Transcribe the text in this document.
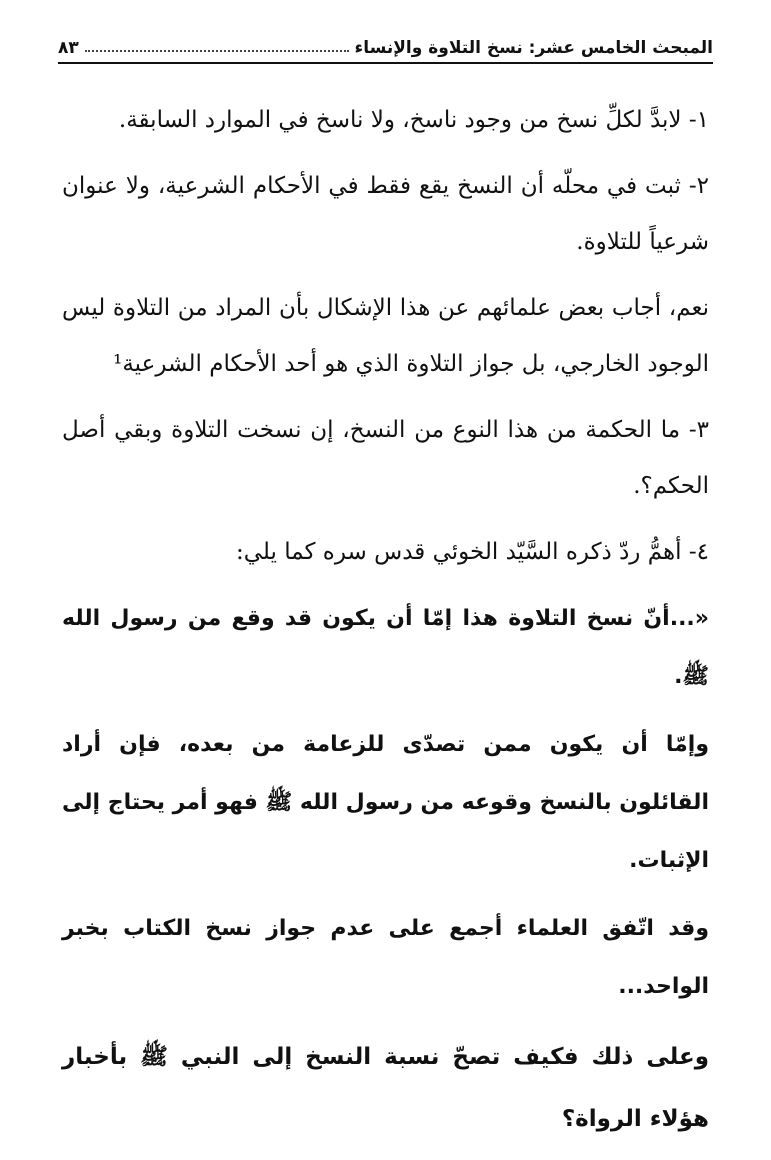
المبحث الخامس عشر: نسخ التلاوة والإنساء
٨٣

١- لابدَّ لكلِّ نسخ من وجود ناسخ، ولا ناسخ في الموارد السابقة.

٢- ثبت في محلّه أن النسخ يقع فقط في الأحكام الشرعية، ولا عنوان شرعياً للتلاوة.

نعم، أجاب بعض علمائهم عن هذا الإشكال بأن المراد من التلاوة ليس الوجود الخارجي، بل جواز التلاوة الذي هو أحد الأحكام الشرعية¹

٣- ما الحكمة من هذا النوع من النسخ، إن نسخت التلاوة وبقي أصل الحكم؟.

٤- أهمُّ ردّ ذكره السَّيّد الخوئي قدس سره كما يلي:

«...أنّ نسخ التلاوة هذا إمّا أن يكون قد وقع من رسول الله ﷺ.

وإمّا أن يكون ممن تصدّى للزعامة من بعده، فإن أراد القائلون بالنسخ وقوعه من رسول الله ﷺ فهو أمر يحتاج إلى الإثبات.

وقد اتّفق العلماء أجمع على عدم جواز نسخ الكتاب بخبر الواحد...

وعلى ذلك فكيف تصحّ نسبة النسخ إلى النبي ﷺ بأخبار هؤلاء الرواة؟
